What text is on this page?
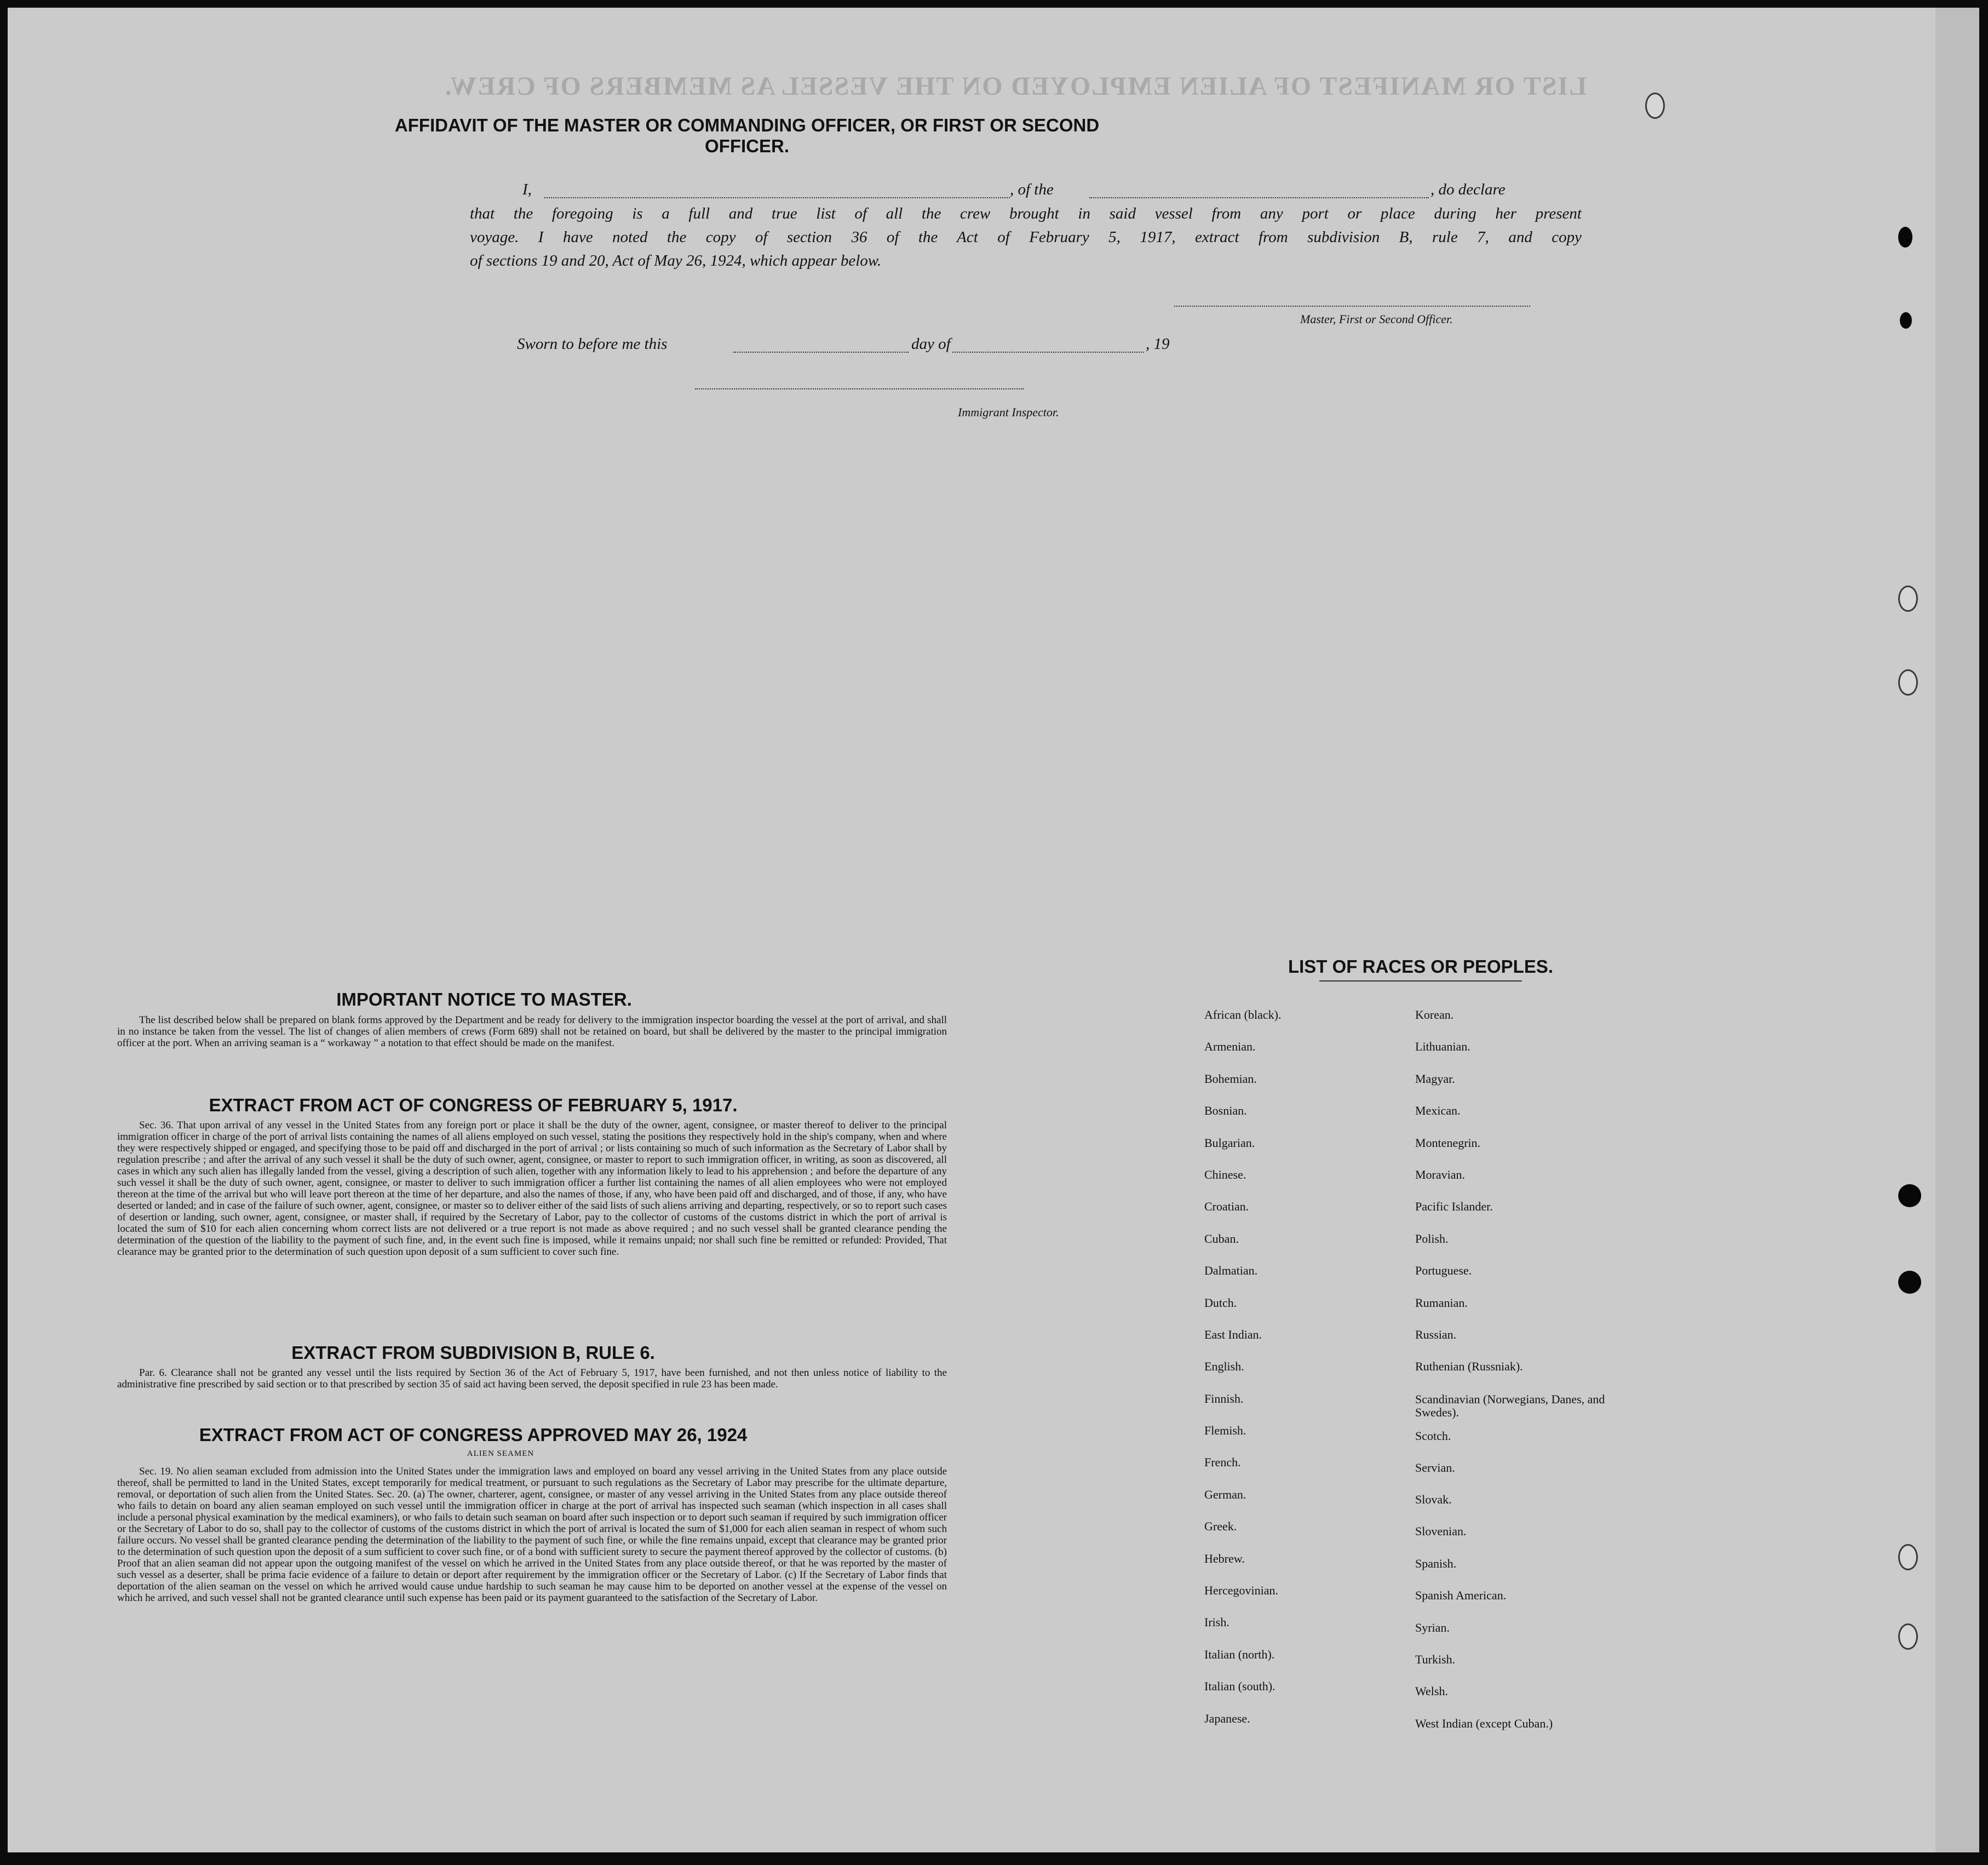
LIST OR MANIFEST OF ALIEN EMPLOYED ON THE VESSEL AS MEMBERS OF CREW.
AFFIDAVIT OF THE MASTER OR COMMANDING OFFICER, OR FIRST OR SECOND OFFICER.
I,	, of the	, do declare
that the foregoing is a full and true list of all the crew brought in said vessel from any port or place during her present
voyage. I have noted the copy of section 36 of the Act of February 5, 1917, extract from subdivision B, rule 7, and copy
of sections 19 and 20, Act of May 26, 1924, which appear below.
Master, First or Second Officer.
Sworn to before me this	day of	, 19
Immigrant Inspector.
IMPORTANT NOTICE TO MASTER.
The list described below shall be prepared on blank forms approved by the Department and be ready for delivery to the immigration inspector boarding the vessel at the port of arrival, and shall in no instance be taken from the vessel. The list of changes of alien members of crews (Form 689) shall not be retained on board, but shall be delivered by the master to the principal immigration officer at the port. When an arriving seaman is a “ workaway ” a notation to that effect should be made on the manifest.
EXTRACT FROM ACT OF CONGRESS OF FEBRUARY 5, 1917.
Sec. 36. That upon arrival of any vessel in the United States from any foreign port or place it shall be the duty of the owner, agent, consignee, or master thereof to deliver to the principal immigration officer in charge of the port of arrival lists containing the names of all aliens employed on such vessel, stating the positions they respectively hold in the ship's company, when and where they were respectively shipped or engaged, and specifying those to be paid off and discharged in the port of arrival ; or lists containing so much of such information as the Secretary of Labor shall by regulation prescribe ; and after the arrival of any such vessel it shall be the duty of such owner, agent, consignee, or master to report to such immigration officer, in writing, as soon as discovered, all cases in which any such alien has illegally landed from the vessel, giving a description of such alien, together with any information likely to lead to his apprehension ; and before the departure of any such vessel it shall be the duty of such owner, agent, consignee, or master to deliver to such immigration officer a further list containing the names of all alien employees who were not employed thereon at the time of the arrival but who will leave port thereon at the time of her departure, and also the names of those, if any, who have been paid off and discharged, and of those, if any, who have deserted or landed; and in case of the failure of such owner, agent, consignee, or master so to deliver either of the said lists of such aliens arriving and departing, respectively, or so to report such cases of desertion or landing, such owner, agent, consignee, or master shall, if required by the Secretary of Labor, pay to the collector of customs of the customs district in which the port of arrival is located the sum of $10 for each alien concerning whom correct lists are not delivered or a true report is not made as above required ; and no such vessel shall be granted clearance pending the determination of the question of the liability to the payment of such fine, and, in the event such fine is imposed, while it remains unpaid; nor shall such fine be remitted or refunded: Provided, That clearance may be granted prior to the determination of such question upon deposit of a sum sufficient to cover such fine.
EXTRACT FROM SUBDIVISION B, RULE 6.
Par. 6. Clearance shall not be granted any vessel until the lists required by Section 36 of the Act of February 5, 1917, have been furnished, and not then unless notice of liability to the administrative fine prescribed by said section or to that prescribed by section 35 of said act having been served, the deposit specified in rule 23 has been made.
EXTRACT FROM ACT OF CONGRESS APPROVED MAY 26, 1924
ALIEN SEAMEN
Sec. 19. No alien seaman excluded from admission into the United States under the immigration laws and employed on board any vessel arriving in the United States from any place outside thereof, shall be permitted to land in the United States, except temporarily for medical treatment, or pursuant to such regulations as the Secretary of Labor may prescribe for the ultimate departure, removal, or deportation of such alien from the United States. Sec. 20. (a) The owner, charterer, agent, consignee, or master of any vessel arriving in the United States from any place outside thereof who fails to detain on board any alien seaman employed on such vessel until the immigration officer in charge at the port of arrival has inspected such seaman (which inspection in all cases shall include a personal physical examination by the medical examiners), or who fails to detain such seaman on board after such inspection or to deport such seaman if required by such immigration officer or the Secretary of Labor to do so, shall pay to the collector of customs of the customs district in which the port of arrival is located the sum of $1,000 for each alien seaman in respect of whom such failure occurs. No vessel shall be granted clearance pending the determination of the liability to the payment of such fine, or while the fine remains unpaid, except that clearance may be granted prior to the determination of such question upon the deposit of a sum sufficient to cover such fine, or of a bond with sufficient surety to secure the payment thereof approved by the collector of customs. (b) Proof that an alien seaman did not appear upon the outgoing manifest of the vessel on which he arrived in the United States from any place outside thereof, or that he was reported by the master of such vessel as a deserter, shall be prima facie evidence of a failure to detain or deport after requirement by the immigration officer or the Secretary of Labor. (c) If the Secretary of Labor finds that deportation of the alien seaman on the vessel on which he arrived would cause undue hardship to such seaman he may cause him to be deported on another vessel at the expense of the vessel on which he arrived, and such vessel shall not be granted clearance until such expense has been paid or its payment guaranteed to the satisfaction of the Secretary of Labor.
LIST OF RACES OR PEOPLES.
African (black).
Armenian.
Bohemian.
Bosnian.
Bulgarian.
Chinese.
Croatian.
Cuban.
Dalmatian.
Dutch.
East Indian.
English.
Finnish.
Flemish.
French.
German.
Greek.
Hebrew.
Hercegovinian.
Irish.
Italian (north).
Italian (south).
Japanese.
Korean.
Lithuanian.
Magyar.
Mexican.
Montenegrin.
Moravian.
Pacific Islander.
Polish.
Portuguese.
Rumanian.
Russian.
Ruthenian (Russniak).
Scandinavian (Norwegians, Danes, and Swedes).
Scotch.
Servian.
Slovak.
Slovenian.
Spanish.
Spanish American.
Syrian.
Turkish.
Welsh.
West Indian (except Cuban.)
